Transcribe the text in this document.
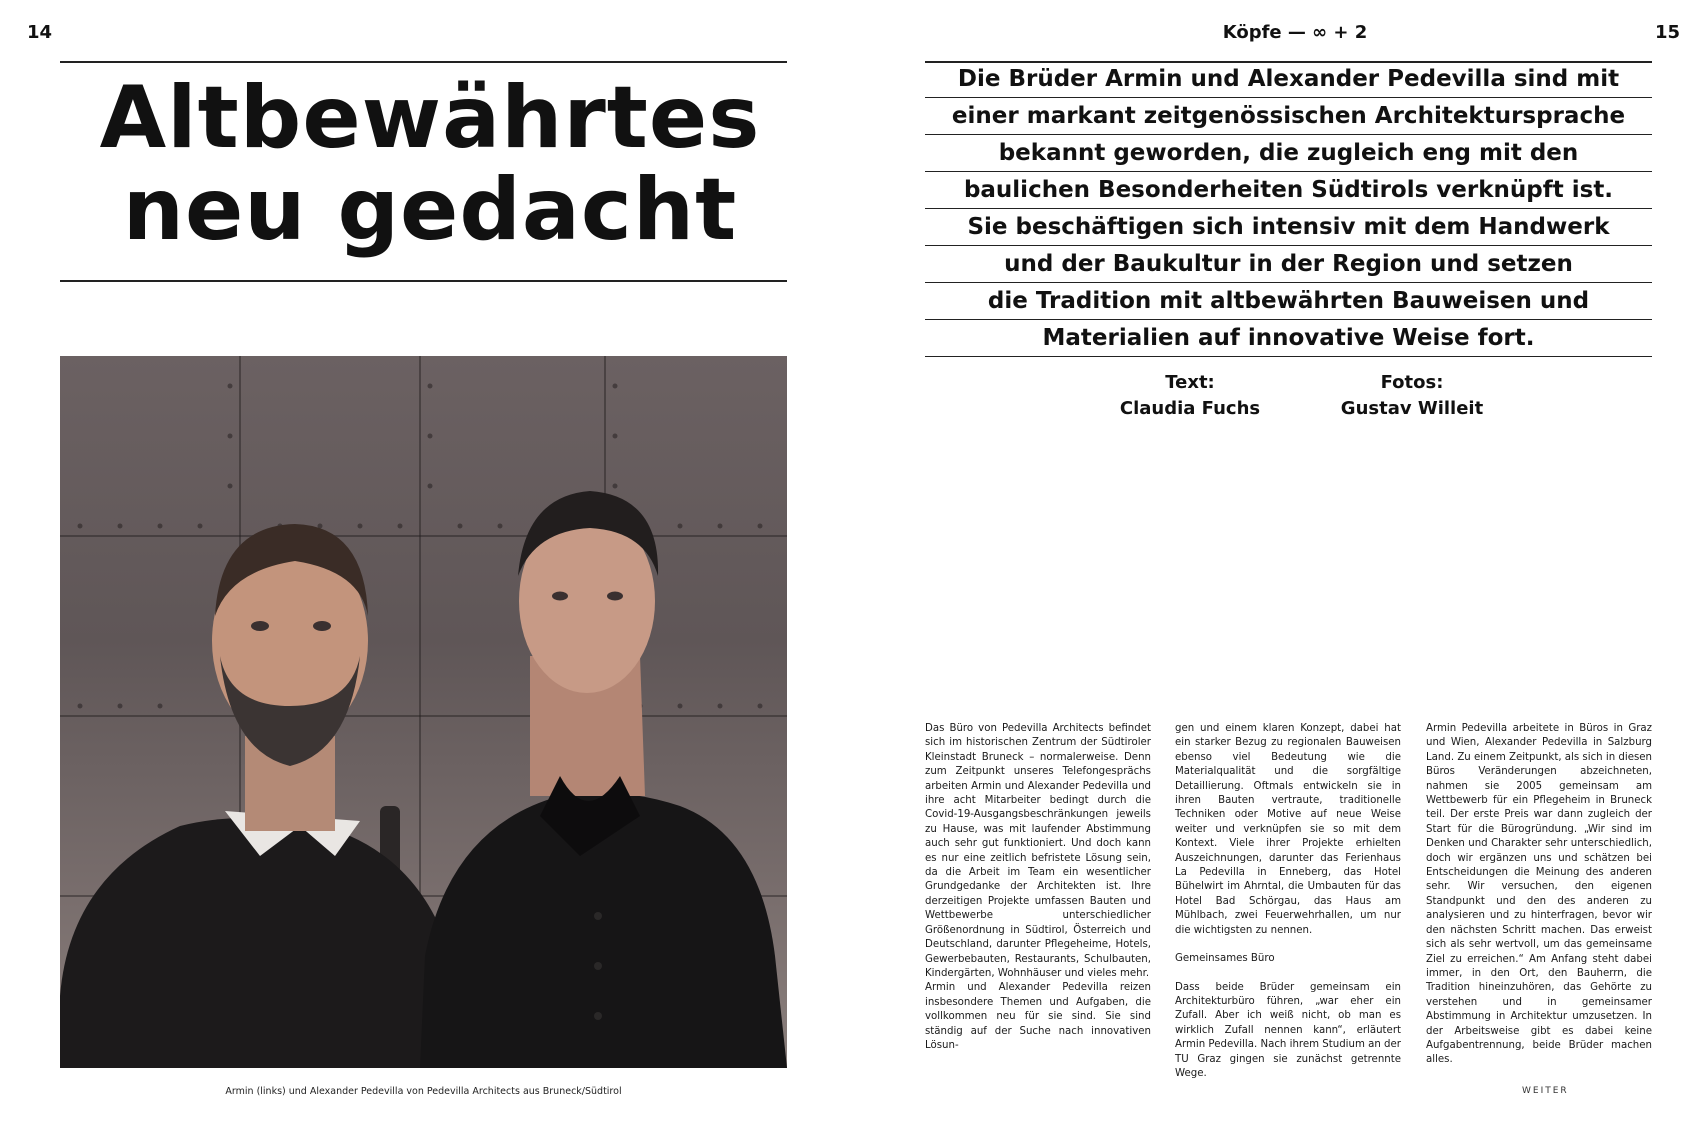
14
Altbewährtes
neu gedacht
Armin (links) und Alexander Pedevilla von Pedevilla Architects aus Bruneck/Südtirol
Köpfe — ∞ + 2	15
Die Brüder Armin und Alexander Pedevilla sind mit
einer markant zeitgenössischen Architektursprache
bekannt geworden, die zugleich eng mit den
baulichen Besonderheiten Südtirols verknüpft ist.
Sie beschäftigen sich intensiv mit dem Handwerk
und der Baukultur in der Region und setzen
die Tradition mit altbewährten Bauweisen und
Materialien auf innovative Weise fort.
Text:
Claudia Fuchs
Fotos:
Gustav Willeit

Das Büro von Pedevilla Architects befindet sich im historischen Zentrum der Südtiroler Kleinstadt Bruneck – normalerweise. Denn zum Zeitpunkt unseres Telefongesprächs arbeiten Armin und Alexander Pedevilla und ihre acht Mitarbeiter bedingt durch die Covid-19-Ausgangsbeschränkungen jeweils zu Hause, was mit laufender Abstimmung auch sehr gut funktioniert. Und doch kann es nur eine zeitlich befristete Lösung sein, da die Arbeit im Team ein wesentlicher Grundgedanke der Architekten ist. Ihre derzeitigen Projekte umfassen Bauten und Wettbewerbe unterschiedlicher Größenordnung in Südtirol, Österreich und Deutschland, darunter Pflegeheime, Hotels, Gewerbebauten, Restaurants, Schulbauten, Kindergärten, Wohnhäuser und vieles mehr.

Armin und Alexander Pedevilla reizen insbesondere Themen und Aufgaben, die vollkommen neu für sie sind. Sie sind ständig auf der Suche nach innovativen Lösun-

gen und einem klaren Konzept, dabei hat ein starker Bezug zu regionalen Bauweisen ebenso viel Bedeutung wie die Materialqualität und die sorgfältige Detaillierung. Oftmals entwickeln sie in ihren Bauten vertraute, traditionelle Techniken oder Motive auf neue Weise weiter und verknüpfen sie so mit dem Kontext. Viele ihrer Projekte erhielten Auszeichnungen, darunter das Ferienhaus La Pedevilla in Enneberg, das Hotel Bühelwirt im Ahrntal, die Umbauten für das Hotel Bad Schörgau, das Haus am Mühlbach, zwei Feuerwehrhallen, um nur die wichtigsten zu nennen.

Gemeinsames Büro

Dass beide Brüder gemeinsam ein Architekturbüro führen, „war eher ein Zufall. Aber ich weiß nicht, ob man es wirklich Zufall nennen kann“, erläutert Armin Pedevilla. Nach ihrem Studium an der TU Graz gingen sie zunächst getrennte Wege.

Armin Pedevilla arbeitete in Büros in Graz und Wien, Alexander Pedevilla in Salzburg Land. Zu einem Zeitpunkt, als sich in diesen Büros Veränderungen abzeichneten, nahmen sie 2005 gemeinsam am Wettbewerb für ein Pflegeheim in Bruneck teil. Der erste Preis war dann zugleich der Start für die Bürogründung. „Wir sind im Denken und Charakter sehr unterschiedlich, doch wir ergänzen uns und schätzen bei Entscheidungen die Meinung des anderen sehr. Wir versuchen, den eigenen Standpunkt und den des anderen zu analysieren und zu hinterfragen, bevor wir den nächsten Schritt machen. Das erweist sich als sehr wertvoll, um das gemeinsame Ziel zu erreichen.“ Am Anfang steht dabei immer, in den Ort, den Bauherrn, die Tradition hineinzuhören, das Gehörte zu verstehen und in gemeinsamer Abstimmung in Architektur umzusetzen. In der Arbeitsweise gibt es dabei keine Aufgabentrennung, beide Brüder machen alles.

WEITER
